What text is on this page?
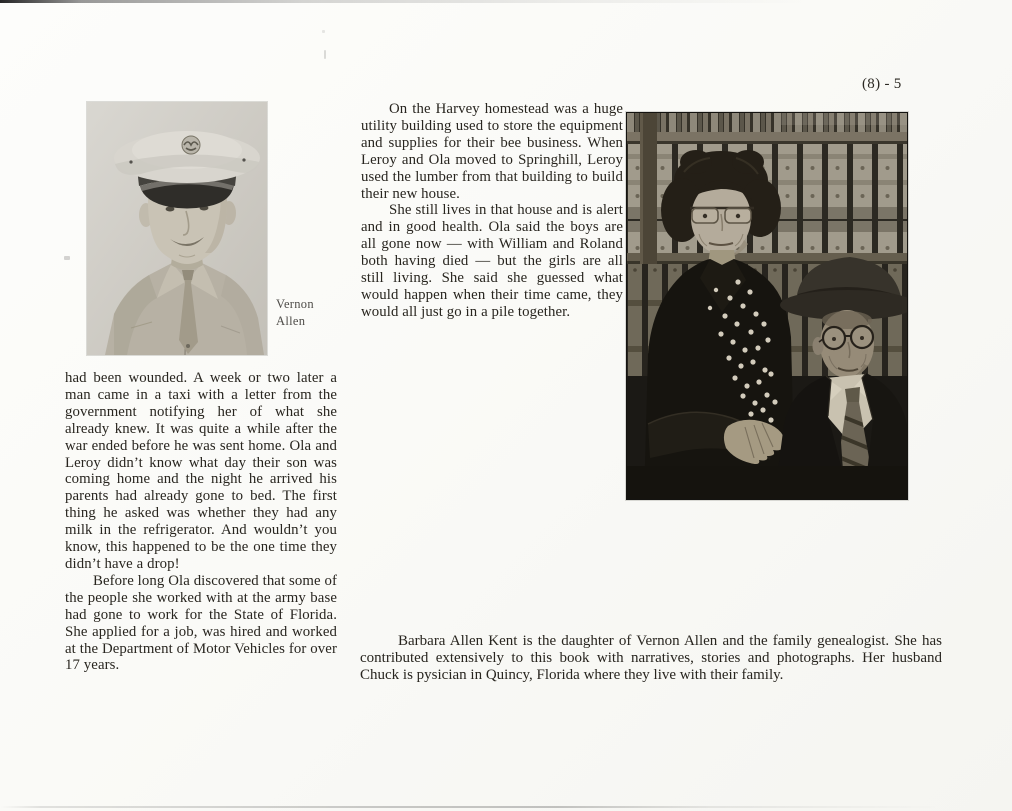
(8) - 5
Vernon
Allen

On the Harvey homestead was a huge utility building used to store the equipment and supplies for their bee business. When Leroy and Ola moved to Springhill, Leroy used the lumber from that building to build their new house.

She still lives in that house and is alert and in good health. Ola said the boys are all gone now — with William and Roland both having died — but the girls are all still living. She said she guessed what would happen when their time came, they would all just go in a pile together.

had been wounded. A week or two later a man came in a taxi with a letter from the government notifying her of what she already knew. It was quite a while after the war ended before he was sent home. Ola and Leroy didn’t know what day their son was coming home and the night he arrived his parents had already gone to bed. The first thing he asked was whether they had any milk in the refrigerator. And wouldn’t you know, this happened to be the one time they didn’t have a drop!

Before long Ola discovered that some of the people she worked with at the army base had gone to work for the State of Florida. She applied for a job, was hired and worked at the Department of Motor Vehicles for over 17 years.

Barbara Allen Kent is the daughter of Vernon Allen and the family genealogist. She has contributed extensively to this book with narratives, stories and photographs. Her husband Chuck is pysician in Quincy, Florida where they live with their family.
